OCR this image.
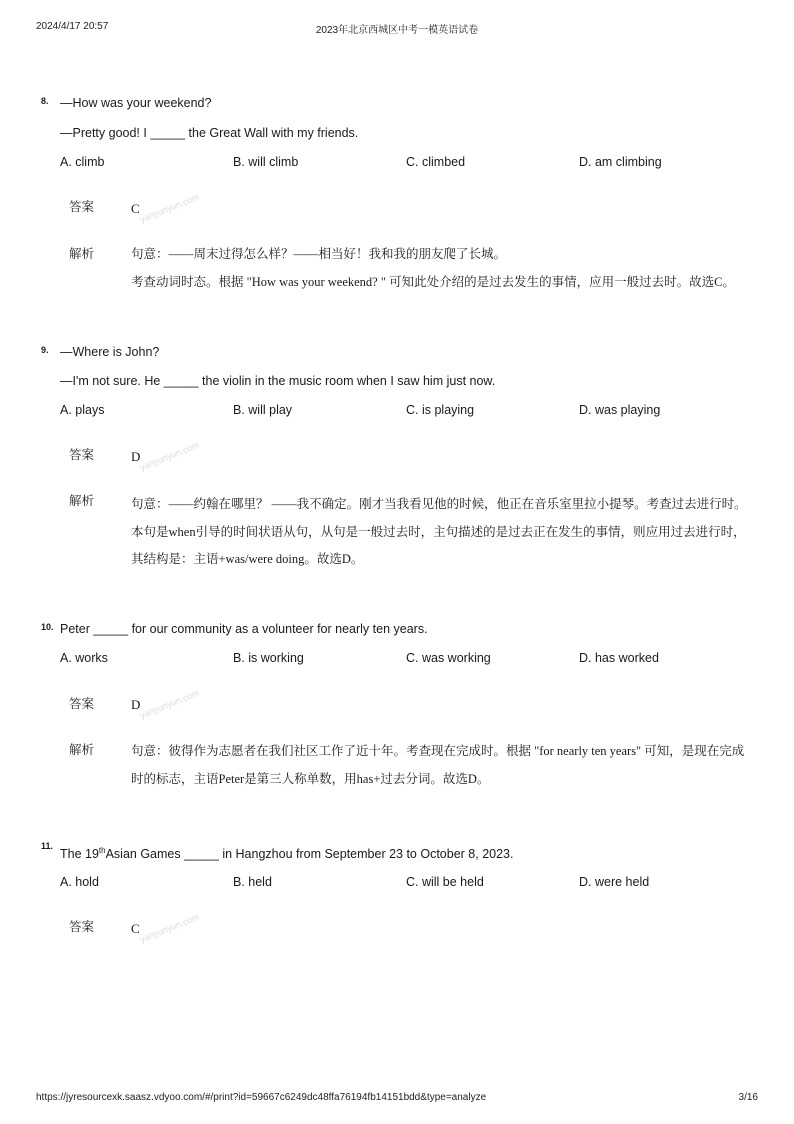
2024/4/17 20:57	2023年北京西城区中考一模英语试卷
8. —How was your weekend?
—Pretty good! I _____ the Great Wall with my friends.
A. climb	B. will climb	C. climbed	D. am climbing
答案	C
yanyunyun.com
解析	句意：——周末过得怎么样？——相当好！我和我的朋友爬了长城。
考查动词时态。根据 "How was your weekend? " 可知此处介绍的是过去发生的事情，应用一般过去时。故选C。
9. —Where is John?
—I'm not sure. He _____ the violin in the music room when I saw him just now.
A. plays	B. will play	C. is playing	D. was playing
答案	D
yanyunyun.com
解析	句意：——约翰在哪里？ ——我不确定。刚才当我看见他的时候，他正在音乐室里拉小提琴。考查过去进行时。
本句是when引导的时间状语从句，从句是一般过去时，主句描述的是过去正在发生的事情，则应用过去进行时，
其结构是：主语+was/were doing。故选D。
10. Peter _____ for our community as a volunteer for nearly ten years.
A. works	B. is working	C. was working	D. has worked
答案	D
yanyunyun.com
解析	句意：彼得作为志愿者在我们社区工作了近十年。考查现在完成时。根据 "for nearly ten years" 可知，是现在完成
时的标志，主语Peter是第三人称单数，用has+过去分词。故选D。
11.
The 19thAsian Games _____ in Hangzhou from September 23 to October 8, 2023.
A. hold	B. held	C. will be held	D. were held
答案	C
yanyunyun.com
https://jyresourcexk.saasz.vdyoo.com/#/print?id=59667c6249dc48ffa76194fb14151bdd&type=analyze	3/16
